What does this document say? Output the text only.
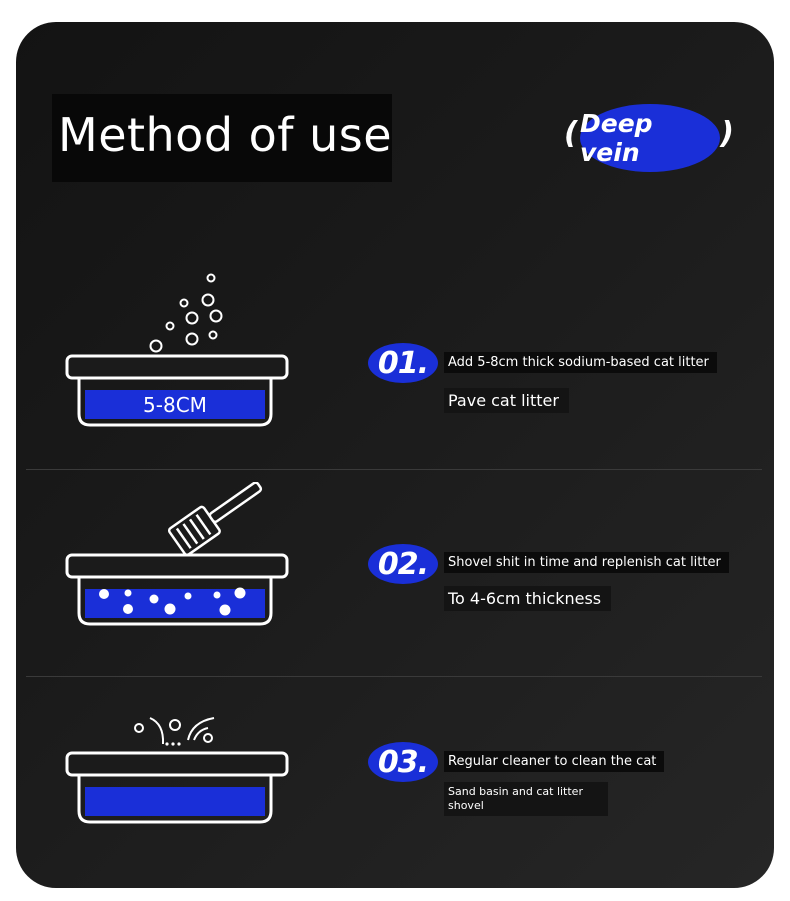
Method of use	( Deep vein
)
5-8CM
01.	Add 5-8cm thick sodium-based cat litter
Pave cat litter
02.	Shovel shit in time and replenish cat litter
To 4-6cm thickness
03.	Regular cleaner to clean the cat
Sand basin and cat litter shovel
